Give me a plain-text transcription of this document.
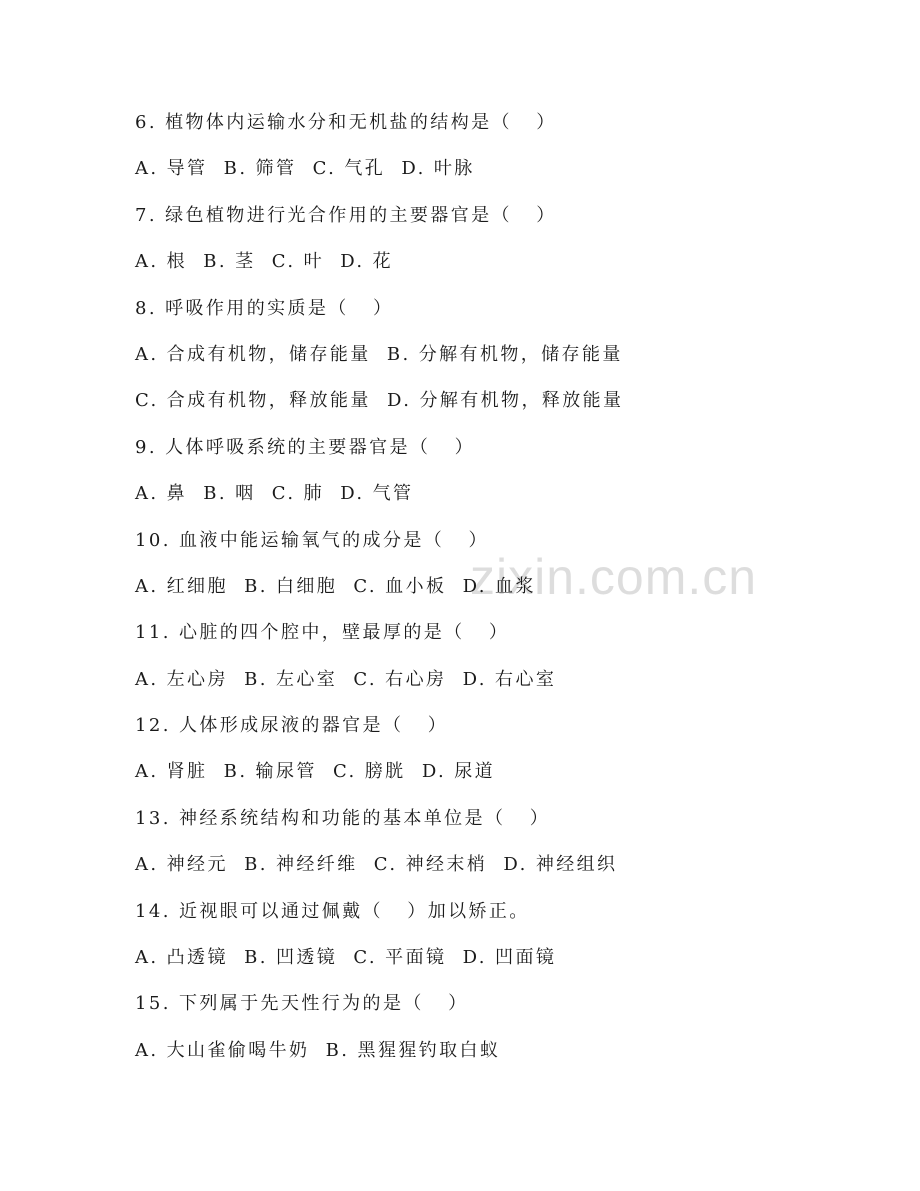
6. 植物体内运输水分和无机盐的结构是（   ）
A. 导管  B. 筛管  C. 气孔  D. 叶脉
7. 绿色植物进行光合作用的主要器官是（   ）
A. 根  B. 茎  C. 叶  D. 花
8. 呼吸作用的实质是（   ）
A. 合成有机物，储存能量  B. 分解有机物，储存能量
C. 合成有机物，释放能量  D. 分解有机物，释放能量
9. 人体呼吸系统的主要器官是（   ）
A. 鼻  B. 咽  C. 肺  D. 气管
10. 血液中能运输氧气的成分是（   ）
A. 红细胞  B. 白细胞  C. 血小板  D. 血浆
11. 心脏的四个腔中，壁最厚的是（   ）
A. 左心房  B. 左心室  C. 右心房  D. 右心室
12. 人体形成尿液的器官是（   ）
A. 肾脏  B. 输尿管  C. 膀胱  D. 尿道
13. 神经系统结构和功能的基本单位是（   ）
A. 神经元  B. 神经纤维  C. 神经末梢  D. 神经组织
14. 近视眼可以通过佩戴（   ）加以矫正。
A. 凸透镜  B. 凹透镜  C. 平面镜  D. 凹面镜
15. 下列属于先天性行为的是（   ）
A. 大山雀偷喝牛奶  B. 黑猩猩钓取白蚁
zixin.com.cn
